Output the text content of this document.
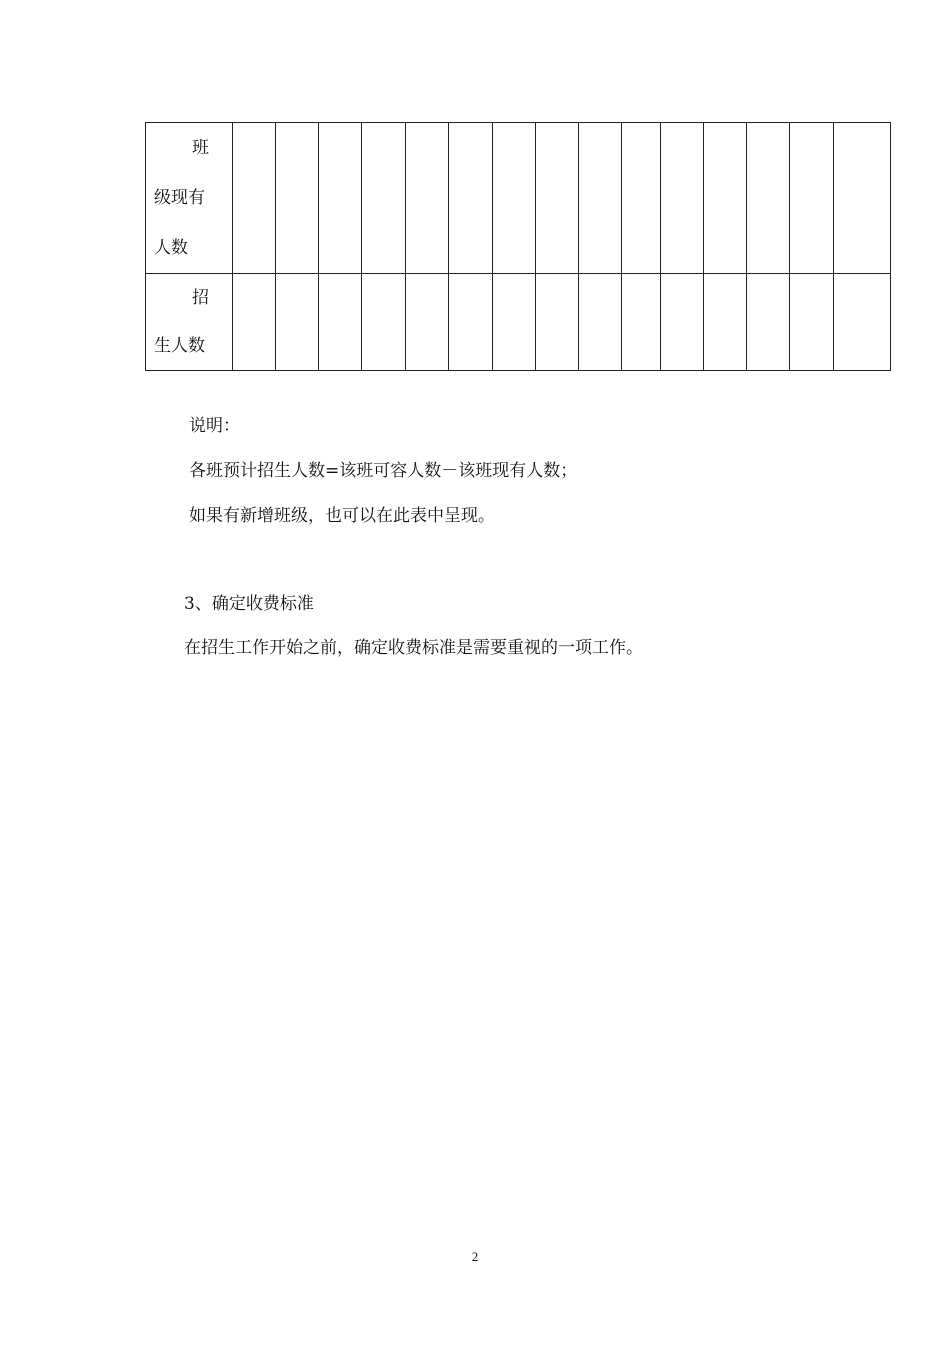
班
级现有
人数															

招
生人数															

说明：
各班预计招生人数=该班可容人数－该班现有人数；
如果有新增班级，也可以在此表中呈现。
3、确定收费标准
在招生工作开始之前，确定收费标准是需要重视的一项工作。
2
